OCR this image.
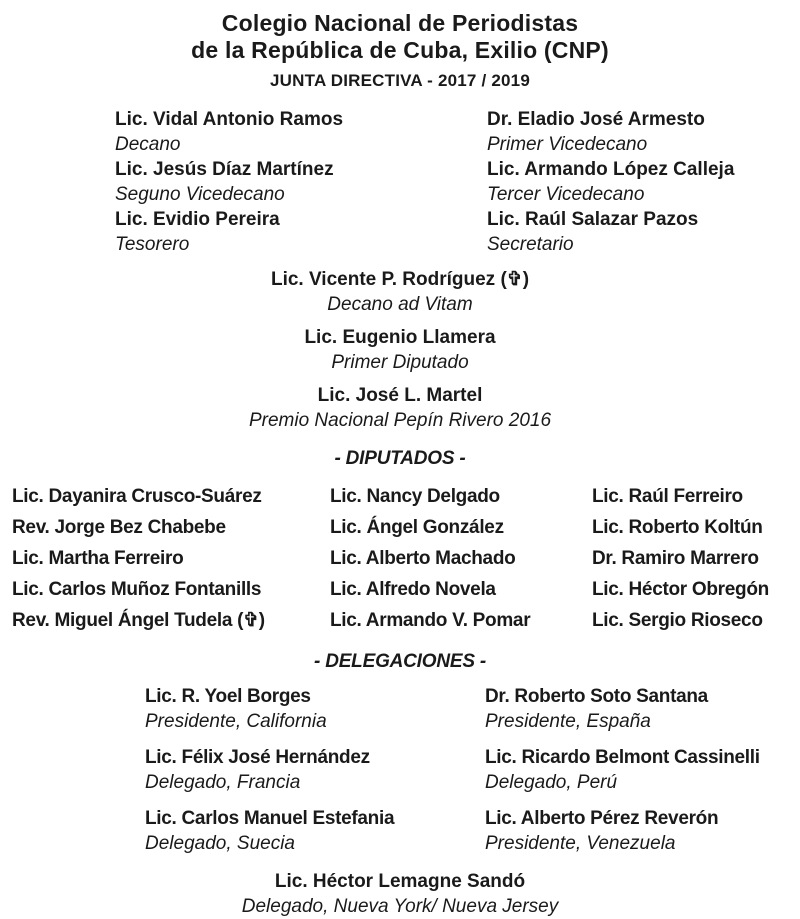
Colegio Nacional de Periodistas
de la República de Cuba, Exilio (CNP)
JUNTA DIRECTIVA - 2017 / 2019
Lic. Vidal Antonio Ramos
Decano
Lic. Jesús Díaz Martínez
Seguno Vicedecano
Lic. Evidio Pereira
Tesorero
Dr. Eladio José Armesto
Primer Vicedecano
Lic. Armando López Calleja
Tercer Vicedecano
Lic. Raúl Salazar Pazos
Secretario
Lic. Vicente P. Rodríguez (✞)
Decano ad Vitam
Lic. Eugenio Llamera
Primer Diputado
Lic. José L. Martel
Premio Nacional Pepín Rivero 2016
- DIPUTADOS -
Lic. Dayanira Crusco-Suárez	Lic. Nancy Delgado	Lic. Raúl Ferreiro
Rev. Jorge Bez Chabebe	Lic. Ángel González	Lic. Roberto Koltún
Lic. Martha Ferreiro	Lic. Alberto Machado	Dr. Ramiro Marrero
Lic. Carlos Muñoz Fontanills	Lic. Alfredo Novela	Lic. Héctor Obregón
Rev. Miguel Ángel Tudela (✞)	Lic. Armando V. Pomar	Lic. Sergio Rioseco
- DELEGACIONES -
Lic. R. Yoel Borges
Presidente, California
Lic. Félix José Hernández
Delegado, Francia
Lic. Carlos Manuel Estefania
Delegado, Suecia
Dr. Roberto Soto Santana
Presidente, España
Lic. Ricardo Belmont Cassinelli
Delegado, Perú
Lic. Alberto Pérez Reverón
Presidente, Venezuela
Lic. Héctor Lemagne Sandó
Delegado, Nueva York/ Nueva Jersey
